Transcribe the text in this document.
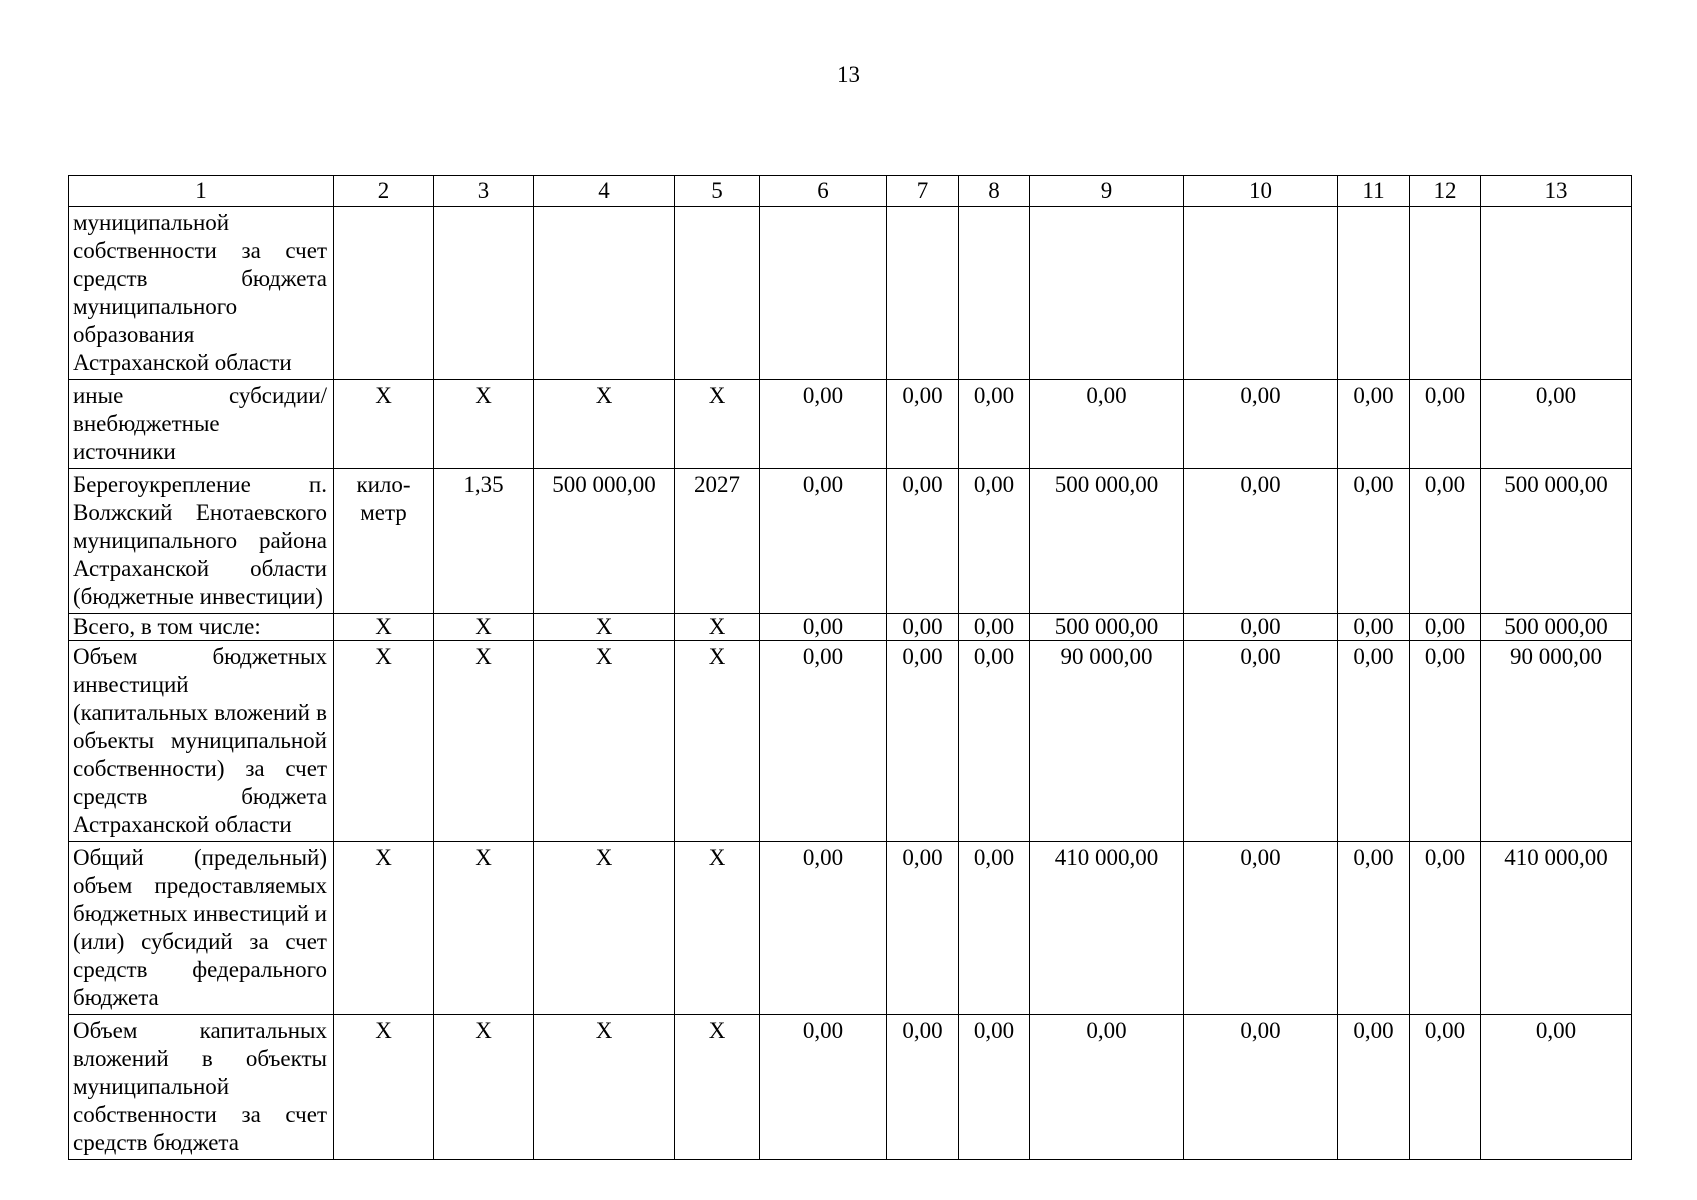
13
1	2	3	4	5	6	7	8	9	10	11	12	13
муниципальной собственности за счет средств бюджета муниципального образования Астраханской области												
иные субсидии/ внебюджетные источники	Х	Х	Х	Х	0,00	0,00	0,00	0,00	0,00	0,00	0,00	0,00
Берегоукрепление п. Волжский Енотаевского муниципального района Астраханской области (бюджетные инвестиции)	кило-метр	1,35	500 000,00	2027	0,00	0,00	0,00	500 000,00	0,00	0,00	0,00	500 000,00
Всего, в том числе:	Х	Х	Х	Х	0,00	0,00	0,00	500 000,00	0,00	0,00	0,00	500 000,00
Объем бюджетных инвестиций (капитальных вложений в объекты муниципальной собственности) за счет средств бюджета Астраханской области	Х	Х	Х	Х	0,00	0,00	0,00	90 000,00	0,00	0,00	0,00	90 000,00
Общий (предельный) объем предоставляемых бюджетных инвестиций и (или) субсидий за счет средств федерального бюджета	Х	Х	Х	Х	0,00	0,00	0,00	410 000,00	0,00	0,00	0,00	410 000,00
Объем капитальных вложений в объекты муниципальной собственности за счет средств бюджета	Х	Х	Х	Х	0,00	0,00	0,00	0,00	0,00	0,00	0,00	0,00
